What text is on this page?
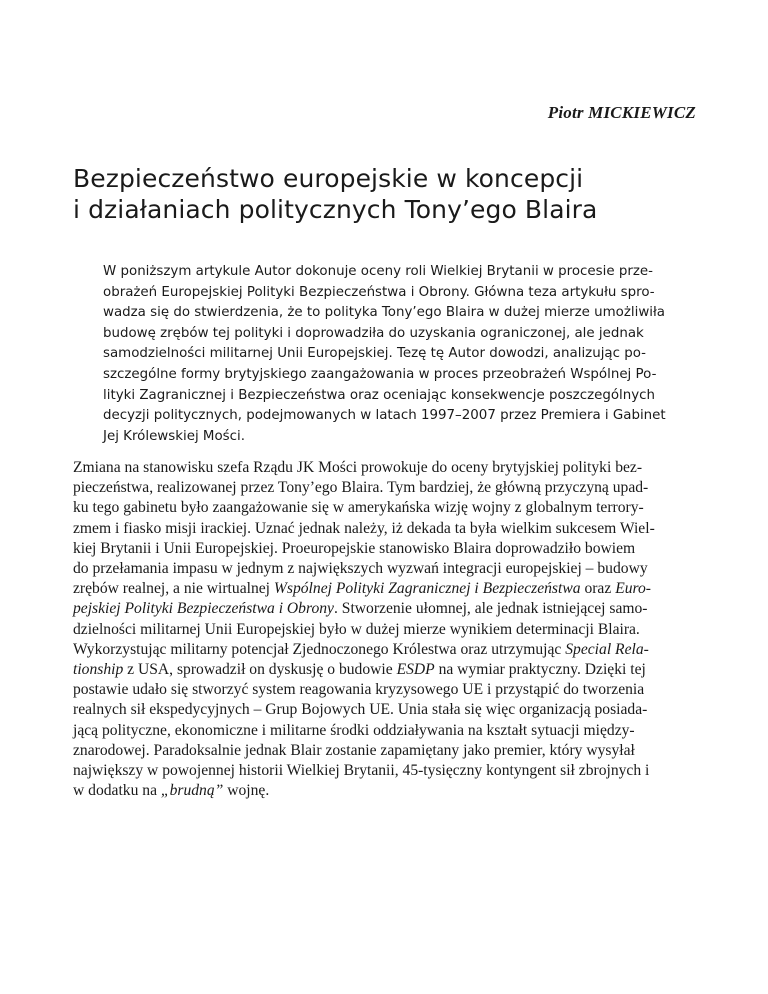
Piotr MICKIEWICZ
Bezpieczeństwo europejskie w koncepcji
i działaniach politycznych Tony’ego Blaira
W poniższym artykule Autor dokonuje oceny roli Wielkiej Brytanii w procesie prze-
obrażeń Europejskiej Polityki Bezpieczeństwa i Obrony. Główna teza artykułu spro-
wadza się do stwierdzenia, że to polityka Tony’ego Blaira w dużej mierze umożliwiła
budowę zrębów tej polityki i doprowadziła do uzyskania ograniczonej, ale jednak
samodzielności militarnej Unii Europejskiej. Tezę tę Autor dowodzi, analizując po-
szczególne formy brytyjskiego zaangażowania w proces przeobrażeń Wspólnej Po-
lityki Zagranicznej i Bezpieczeństwa oraz oceniając konsekwencje poszczególnych
decyzji politycznych, podejmowanych w latach 1997–2007 przez Premiera i Gabinet
Jej Królewskiej Mości.
Zmiana na stanowisku szefa Rządu JK Mości prowokuje do oceny brytyjskiej polityki bez-
pieczeństwa, realizowanej przez Tony’ego Blaira. Tym bardziej, że główną przyczyną upad-
ku tego gabinetu było zaangażowanie się w amerykańska wizję wojny z globalnym terrory-
zmem i fiasko misji irackiej. Uznać jednak należy, iż dekada ta była wielkim sukcesem Wiel-
kiej Brytanii i Unii Europejskiej. Proeuropejskie stanowisko Blaira doprowadziło bowiem
do przełamania impasu w jednym z największych wyzwań integracji europejskiej – budowy
zrębów realnej, a nie wirtualnej Wspólnej Polityki Zagranicznej i Bezpieczeństwa oraz Euro-
pejskiej Polityki Bezpieczeństwa i Obrony. Stworzenie ułomnej, ale jednak istniejącej samo-
dzielności militarnej Unii Europejskiej było w dużej mierze wynikiem determinacji Blaira.
Wykorzystując militarny potencjał Zjednoczonego Królestwa oraz utrzymując Special Rela-
tionship z USA, sprowadził on dyskusję o budowie ESDP na wymiar praktyczny. Dzięki tej
postawie udało się stworzyć system reagowania kryzysowego UE i przystąpić do tworzenia
realnych sił ekspedycyjnych – Grup Bojowych UE. Unia stała się więc organizacją posiada-
jącą polityczne, ekonomiczne i militarne środki oddziaływania na kształt sytuacji między-
znarodowej. Paradoksalnie jednak Blair zostanie zapamiętany jako premier, który wysyłał
największy w powojennej historii Wielkiej Brytanii, 45-tysięczny kontyngent sił zbrojnych i
w dodatku na „brudną” wojnę.
